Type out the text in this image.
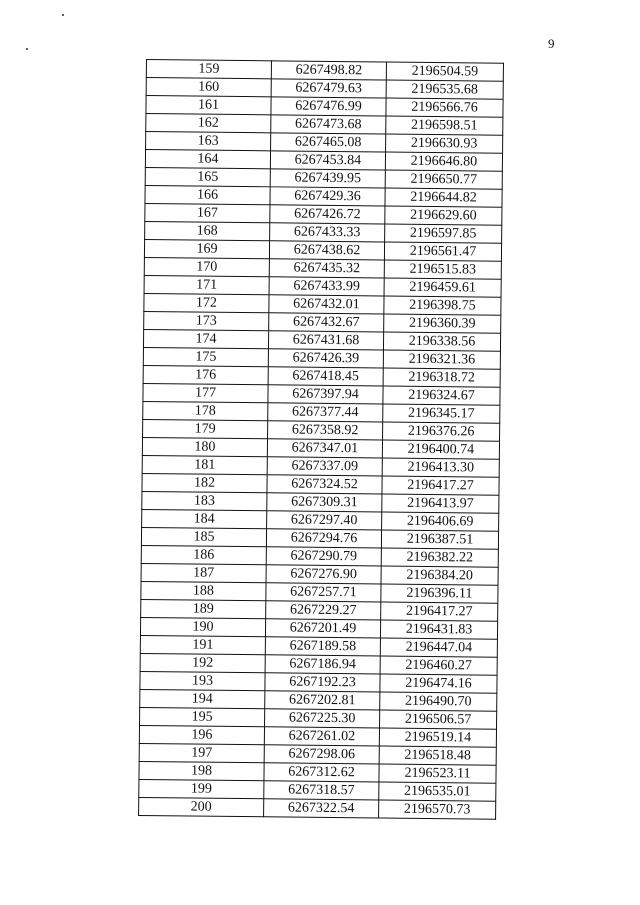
9
159	6267498.82	2196504.59
160	6267479.63	2196535.68
161	6267476.99	2196566.76
162	6267473.68	2196598.51
163	6267465.08	2196630.93
164	6267453.84	2196646.80
165	6267439.95	2196650.77
166	6267429.36	2196644.82
167	6267426.72	2196629.60
168	6267433.33	2196597.85
169	6267438.62	2196561.47
170	6267435.32	2196515.83
171	6267433.99	2196459.61
172	6267432.01	2196398.75
173	6267432.67	2196360.39
174	6267431.68	2196338.56
175	6267426.39	2196321.36
176	6267418.45	2196318.72
177	6267397.94	2196324.67
178	6267377.44	2196345.17
179	6267358.92	2196376.26
180	6267347.01	2196400.74
181	6267337.09	2196413.30
182	6267324.52	2196417.27
183	6267309.31	2196413.97
184	6267297.40	2196406.69
185	6267294.76	2196387.51
186	6267290.79	2196382.22
187	6267276.90	2196384.20
188	6267257.71	2196396.11
189	6267229.27	2196417.27
190	6267201.49	2196431.83
191	6267189.58	2196447.04
192	6267186.94	2196460.27
193	6267192.23	2196474.16
194	6267202.81	2196490.70
195	6267225.30	2196506.57
196	6267261.02	2196519.14
197	6267298.06	2196518.48
198	6267312.62	2196523.11
199	6267318.57	2196535.01
200	6267322.54	2196570.73
